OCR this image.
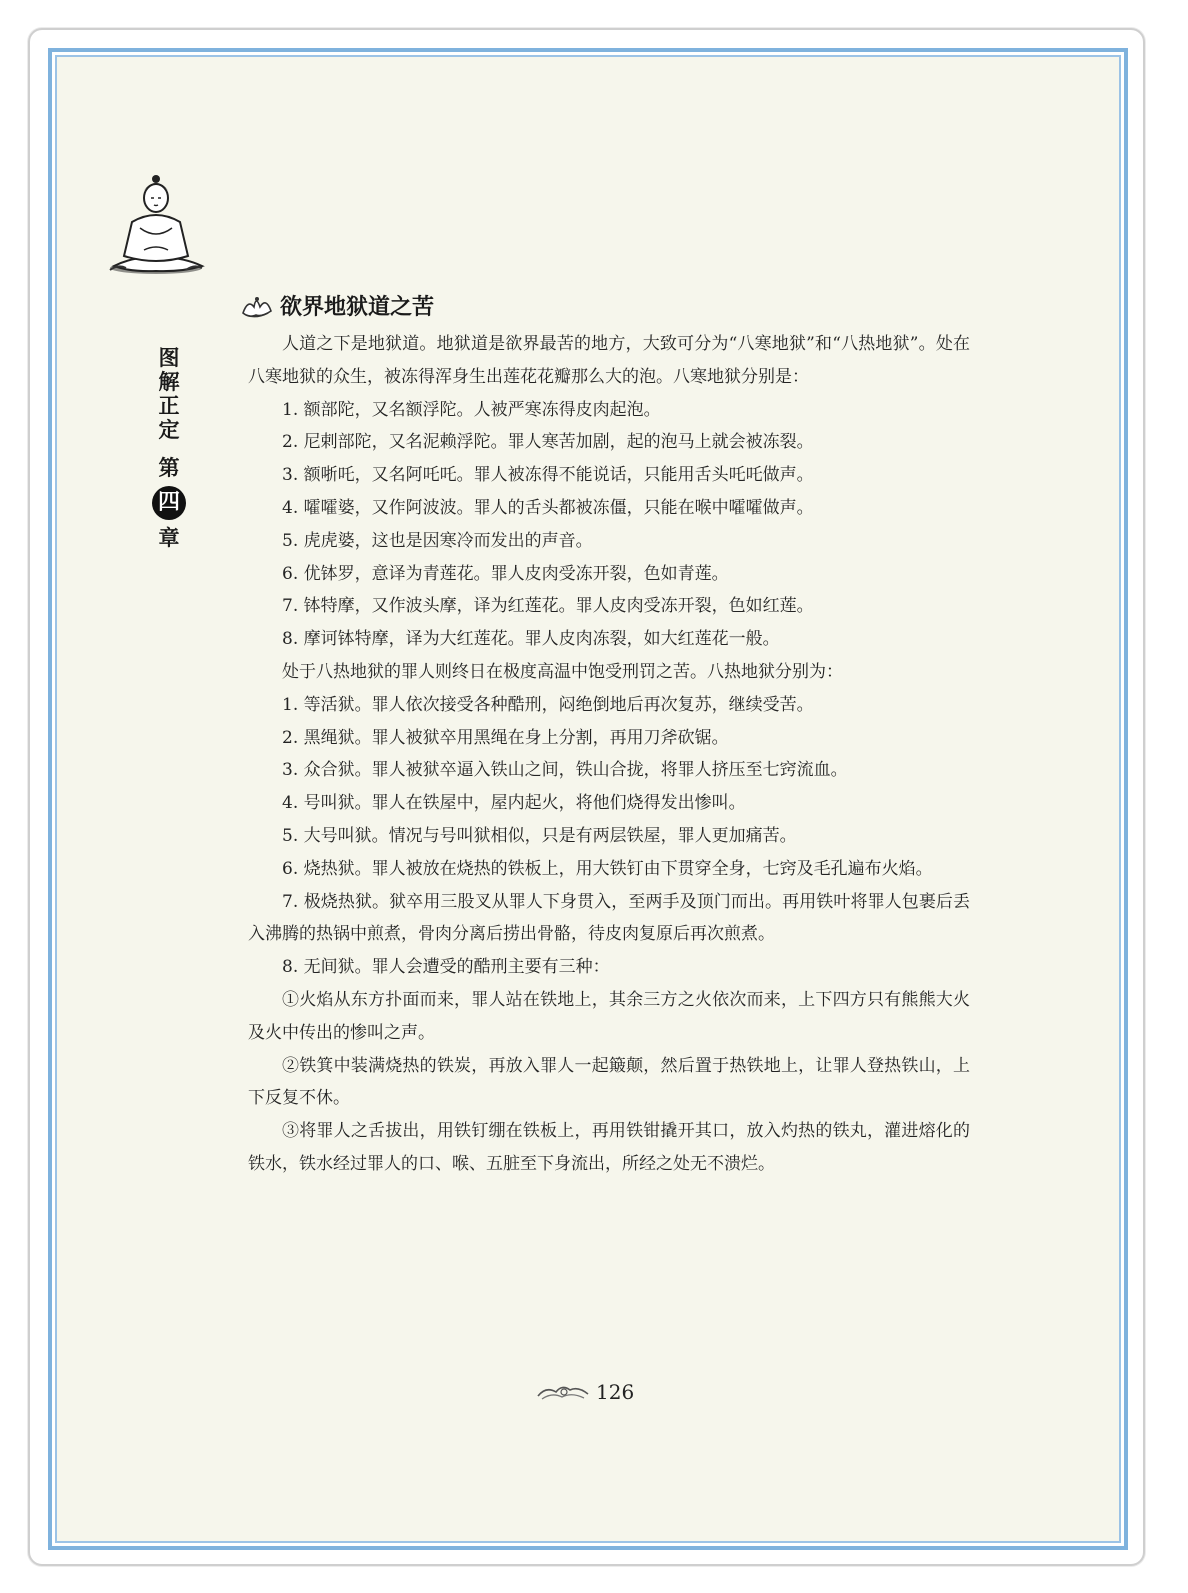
图
解
正
定
第
四
章
欲界地狱道之苦

人道之下是地狱道。地狱道是欲界最苦的地方，大致可分为“八寒地狱”和“八热地狱”。处在八寒地狱的众生，被冻得浑身生出莲花花瓣那么大的泡。八寒地狱分别是：

1. 额部陀，又名额浮陀。人被严寒冻得皮肉起泡。

2. 尼剌部陀，又名泥赖浮陀。罪人寒苦加剧，起的泡马上就会被冻裂。

3. 额哳吒，又名阿吒吒。罪人被冻得不能说话，只能用舌头吒吒做声。

4. 嚯嚯婆，又作阿波波。罪人的舌头都被冻僵，只能在喉中嚯嚯做声。

5. 虎虎婆，这也是因寒冷而发出的声音。

6. 优钵罗，意译为青莲花。罪人皮肉受冻开裂，色如青莲。

7. 钵特摩，又作波头摩，译为红莲花。罪人皮肉受冻开裂，色如红莲。

8. 摩诃钵特摩，译为大红莲花。罪人皮肉冻裂，如大红莲花一般。

处于八热地狱的罪人则终日在极度高温中饱受刑罚之苦。八热地狱分别为：

1. 等活狱。罪人依次接受各种酷刑，闷绝倒地后再次复苏，继续受苦。

2. 黑绳狱。罪人被狱卒用黑绳在身上分割，再用刀斧砍锯。

3. 众合狱。罪人被狱卒逼入铁山之间，铁山合拢，将罪人挤压至七窍流血。

4. 号叫狱。罪人在铁屋中，屋内起火，将他们烧得发出惨叫。

5. 大号叫狱。情况与号叫狱相似，只是有两层铁屋，罪人更加痛苦。

6. 烧热狱。罪人被放在烧热的铁板上，用大铁钉由下贯穿全身，七窍及毛孔遍布火焰。

7. 极烧热狱。狱卒用三股叉从罪人下身贯入，至两手及顶门而出。再用铁叶将罪人包裹后丢入沸腾的热锅中煎煮，骨肉分离后捞出骨骼，待皮肉复原后再次煎煮。

8. 无间狱。罪人会遭受的酷刑主要有三种：

①火焰从东方扑面而来，罪人站在铁地上，其余三方之火依次而来，上下四方只有熊熊大火及火中传出的惨叫之声。

②铁箕中装满烧热的铁炭，再放入罪人一起簸颠，然后置于热铁地上，让罪人登热铁山，上下反复不休。

③将罪人之舌拔出，用铁钉绷在铁板上，再用铁钳撬开其口，放入灼热的铁丸，灌进熔化的铁水，铁水经过罪人的口、喉、五脏至下身流出，所经之处无不溃烂。

126
